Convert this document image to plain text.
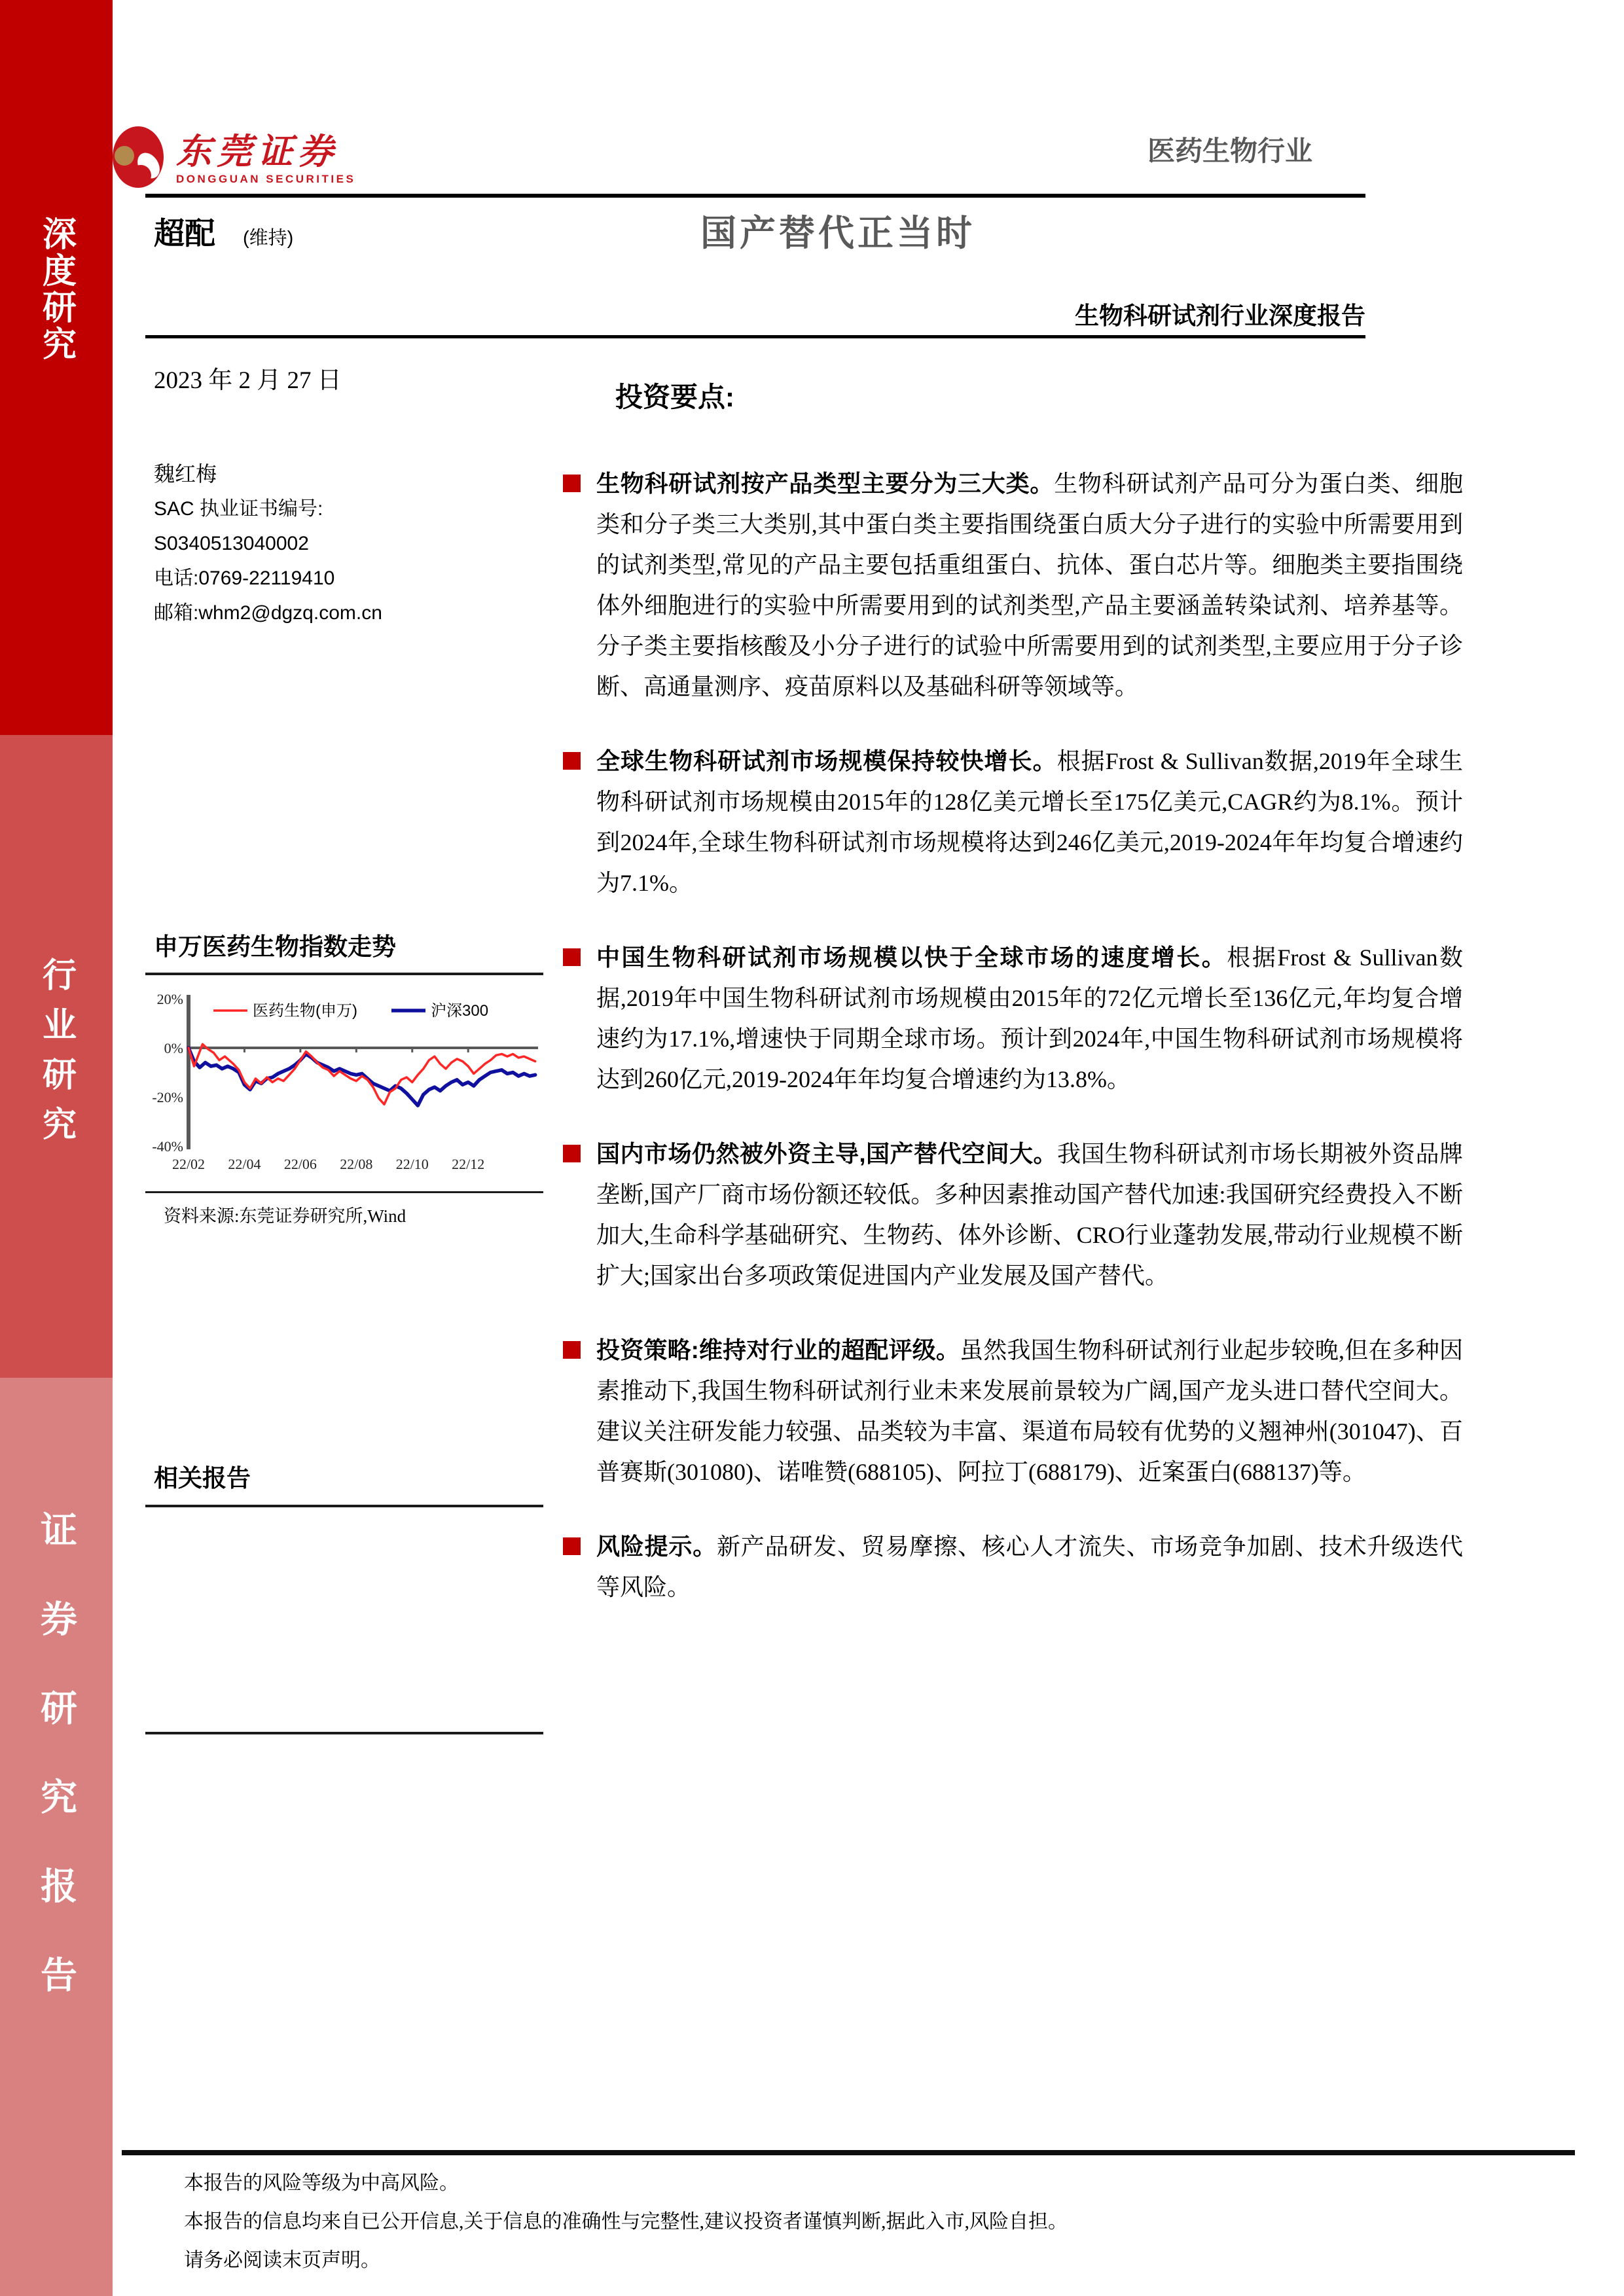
深度研究
行业研究
证券研究报告
东莞证券
DONGGUAN SECURITIES
医药生物行业
超配 (维持)	国产替代正当时
生物科研试剂行业深度报告
2023 年 2 月 27 日
魏红梅
SAC 执业证书编号:
S0340513040002
电话:0769-22119410
邮箱:whm2@dgzq.com.cn
申万医药生物指数走势
22/02 22/04 22/06 22/08 22/10 22/12
20%
0%
-20%
-40%
医药生物(申万)	沪深300
资料来源:东莞证券研究所,Wind
相关报告
投资要点:

生物科研试剂按产品类型主要分为三大类。生物科研试剂产品可分为蛋白类、细胞类和分子类三大类别,其中蛋白类主要指围绕蛋白质大分子进行的实验中所需要用到的试剂类型,常见的产品主要包括重组蛋白、抗体、蛋白芯片等。细胞类主要指围绕体外细胞进行的实验中所需要用到的试剂类型,产品主要涵盖转染试剂、培养基等。分子类主要指核酸及小分子进行的试验中所需要用到的试剂类型,主要应用于分子诊断、高通量测序、疫苗原料以及基础科研等领域等。

全球生物科研试剂市场规模保持较快增长。根据Frost & Sullivan数据,2019年全球生物科研试剂市场规模由2015年的128亿美元增长至175亿美元,CAGR约为8.1%。预计到2024年,全球生物科研试剂市场规模将达到246亿美元,2019-2024年年均复合增速约为7.1%。

中国生物科研试剂市场规模以快于全球市场的速度增长。根据Frost & Sullivan数据,2019年中国生物科研试剂市场规模由2015年的72亿元增长至136亿元,年均复合增速约为17.1%,增速快于同期全球市场。预计到2024年,中国生物科研试剂市场规模将达到260亿元,2019-2024年年均复合增速约为13.8%。

国内市场仍然被外资主导,国产替代空间大。我国生物科研试剂市场长期被外资品牌垄断,国产厂商市场份额还较低。多种因素推动国产替代加速:我国研究经费投入不断加大,生命科学基础研究、生物药、体外诊断、CRO行业蓬勃发展,带动行业规模不断扩大;国家出台多项政策促进国内产业发展及国产替代。

投资策略:维持对行业的超配评级。虽然我国生物科研试剂行业起步较晚,但在多种因素推动下,我国生物科研试剂行业未来发展前景较为广阔,国产龙头进口替代空间大。建议关注研发能力较强、品类较为丰富、渠道布局较有优势的义翘神州(301047)、百普赛斯(301080)、诺唯赞(688105)、阿拉丁(688179)、近案蛋白(688137)等。

风险提示。新产品研发、贸易摩擦、核心人才流失、市场竞争加剧、技术升级迭代等风险。

本报告的风险等级为中高风险。
本报告的信息均来自已公开信息,关于信息的准确性与完整性,建议投资者谨慎判断,据此入市,风险自担。
请务必阅读末页声明。
